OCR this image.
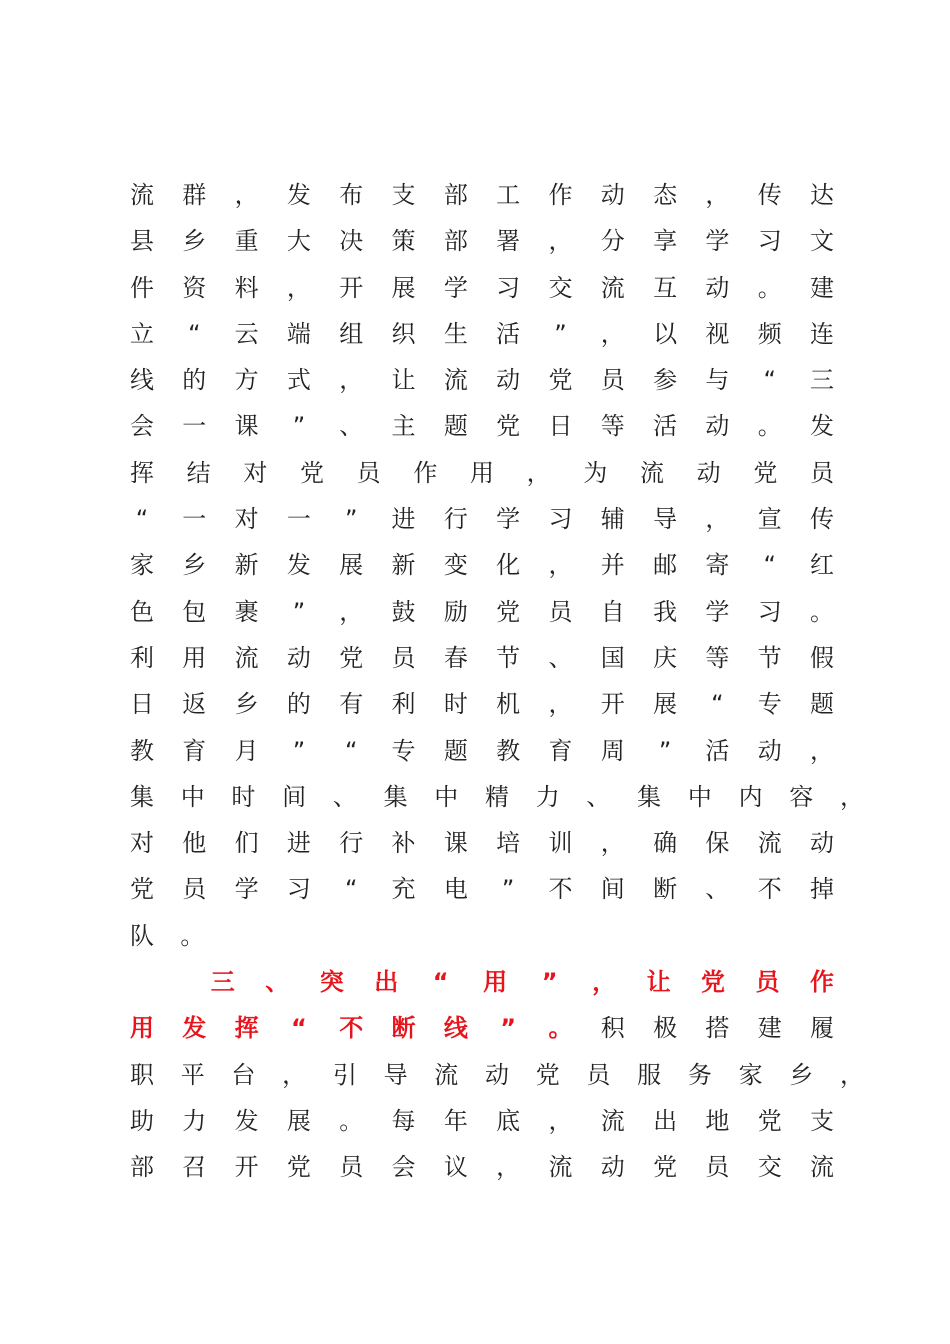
流 群 ， 发 布 支 部 工 作 动 态 ， 传 达
县 乡 重 大 决 策 部 署 ， 分 享 学 习 文
件 资 料 ， 开 展 学 习 交 流 互 动 。 建
立 “ 云 端 组 织 生 活 ” ， 以 视 频 连
线 的 方 式 ， 让 流 动 党 员 参 与 “ 三
会 一 课 ” 、 主 题 党 日 等 活 动 。 发
挥 结 对 党 员 作 用 ， 为 流 动 党 员
“ 一 对 一 ” 进 行 学 习 辅 导 ， 宣 传
家 乡 新 发 展 新 变 化 ， 并 邮 寄 “ 红
色 包 裹 ” ， 鼓 励 党 员 自 我 学 习 。
利 用 流 动 党 员 春 节 、 国 庆 等 节 假
日 返 乡 的 有 利 时 机 ， 开 展 “ 专 题
教 育 月 ” “ 专 题 教 育 周 ” 活 动 ，
集 中 时 间 、 集 中 精 力 、 集 中 内 容 ，
对 他 们 进 行 补 课 培 训 ， 确 保 流 动
党 员 学 习 “ 充 电 ” 不 间 断 、 不 掉
队 。
三 、 突 出 “ 用 ” ， 让 党 员 作
用 发 挥 “ 不 断 线 ” 。 积 极 搭 建 履
职 平 台 ， 引 导 流 动 党 员 服 务 家 乡 ，
助 力 发 展 。 每 年 底 ， 流 出 地 党 支
部 召 开 党 员 会 议 ， 流 动 党 员 交 流
